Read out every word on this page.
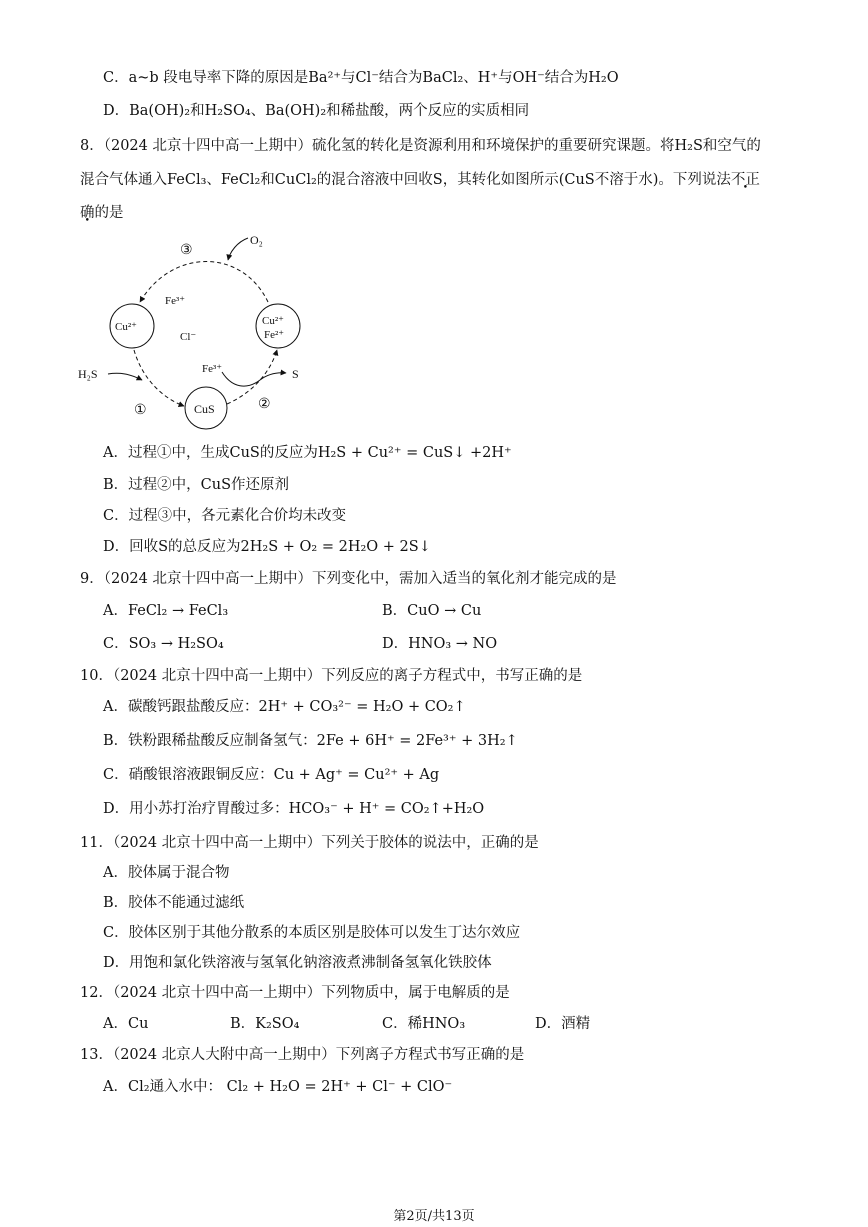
C．a~b 段电导率下降的原因是Ba²⁺与Cl⁻结合为BaCl₂、H⁺与OH⁻结合为H₂O
D．Ba(OH)₂和H₂SO₄、Ba(OH)₂和稀盐酸，两个反应的实质相同
8．（2024 北京十四中高一上期中）硫化氢的转化是资源利用和环境保护的重要研究课题。将H₂S和空气的
混合气体通入FeCl₃、FeCl₂和CuCl₂的混合溶液中回收S，其转化如图所示(CuS不溶于水)。下列说法不正
确的是
③
O₂
Fe³⁺
Cu²⁺
Cl⁻
Cu²⁺
Fe²⁺
H₂S	Fe³⁺	S
CuS
①	②
A．过程①中，生成CuS的反应为H₂S + Cu²⁺ = CuS↓ +2H⁺
B．过程②中，CuS作还原剂
C．过程③中，各元素化合价均未改变
D．回收S的总反应为2H₂S + O₂ = 2H₂O + 2S↓
9．（2024 北京十四中高一上期中）下列变化中，需加入适当的氧化剂才能完成的是
A．FeCl₂ → FeCl₃	B．CuO → Cu
C．SO₃ → H₂SO₄	D．HNO₃ → NO
10．（2024 北京十四中高一上期中）下列反应的离子方程式中，书写正确的是
A．碳酸钙跟盐酸反应：2H⁺ + CO₃²⁻ = H₂O + CO₂↑
B．铁粉跟稀盐酸反应制备氢气：2Fe + 6H⁺ = 2Fe³⁺ + 3H₂↑
C．硝酸银溶液跟铜反应：Cu + Ag⁺ = Cu²⁺ + Ag
D．用小苏打治疗胃酸过多：HCO₃⁻ + H⁺ = CO₂↑+H₂O
11．（2024 北京十四中高一上期中）下列关于胶体的说法中，正确的是
A．胶体属于混合物
B．胶体不能通过滤纸
C．胶体区别于其他分散系的本质区别是胶体可以发生丁达尔效应
D．用饱和氯化铁溶液与氢氧化钠溶液煮沸制备氢氧化铁胶体
12．（2024 北京十四中高一上期中）下列物质中，属于电解质的是
A．Cu	B．K₂SO₄	C．稀HNO₃	D．酒精
13．（2024 北京人大附中高一上期中）下列离子方程式书写正确的是
A．Cl₂通入水中： Cl₂ + H₂O = 2H⁺ + Cl⁻ + ClO⁻
第2页/共13页
